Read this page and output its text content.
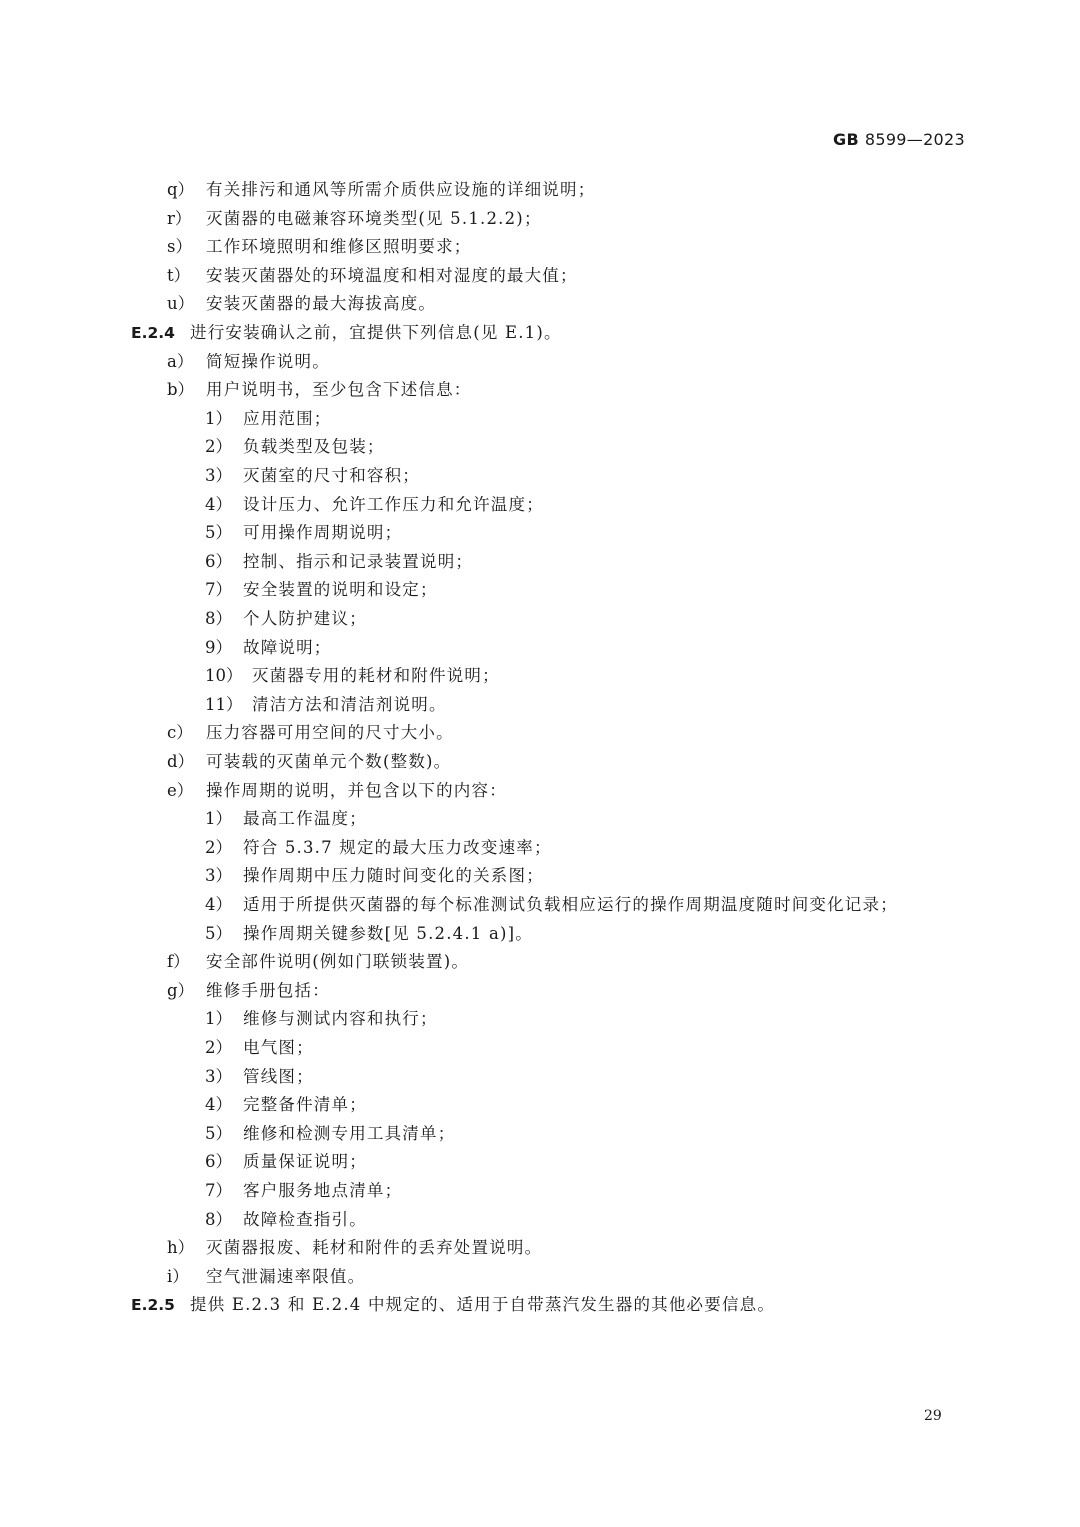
GB 8599—2023
q） 有关排污和通风等所需介质供应设施的详细说明；
r） 灭菌器的电磁兼容环境类型(见 5.1.2.2)；
s） 工作环境照明和维修区照明要求；
t） 安装灭菌器处的环境温度和相对湿度的最大值；
u） 安装灭菌器的最大海拔高度。
E.2.4 进行安装确认之前，宜提供下列信息(见 E.1)。
a） 简短操作说明。
b） 用户说明书，至少包含下述信息：
1） 应用范围；
2） 负载类型及包装；
3） 灭菌室的尺寸和容积；
4） 设计压力、允许工作压力和允许温度；
5） 可用操作周期说明；
6） 控制、指示和记录装置说明；
7） 安全装置的说明和设定；
8） 个人防护建议；
9） 故障说明；
10） 灭菌器专用的耗材和附件说明；
11） 清洁方法和清洁剂说明。
c） 压力容器可用空间的尺寸大小。
d） 可装载的灭菌单元个数(整数)。
e） 操作周期的说明，并包含以下的内容：
1） 最高工作温度；
2） 符合 5.3.7 规定的最大压力改变速率；
3） 操作周期中压力随时间变化的关系图；
4） 适用于所提供灭菌器的每个标准测试负载相应运行的操作周期温度随时间变化记录；
5） 操作周期关键参数[见 5.2.4.1 a)]。
f） 安全部件说明(例如门联锁装置)。
g） 维修手册包括：
1） 维修与测试内容和执行；
2） 电气图；
3） 管线图；
4） 完整备件清单；
5） 维修和检测专用工具清单；
6） 质量保证说明；
7） 客户服务地点清单；
8） 故障检查指引。
h） 灭菌器报废、耗材和附件的丢弃处置说明。
i） 空气泄漏速率限值。
E.2.5 提供 E.2.3 和 E.2.4 中规定的、适用于自带蒸汽发生器的其他必要信息。
29
